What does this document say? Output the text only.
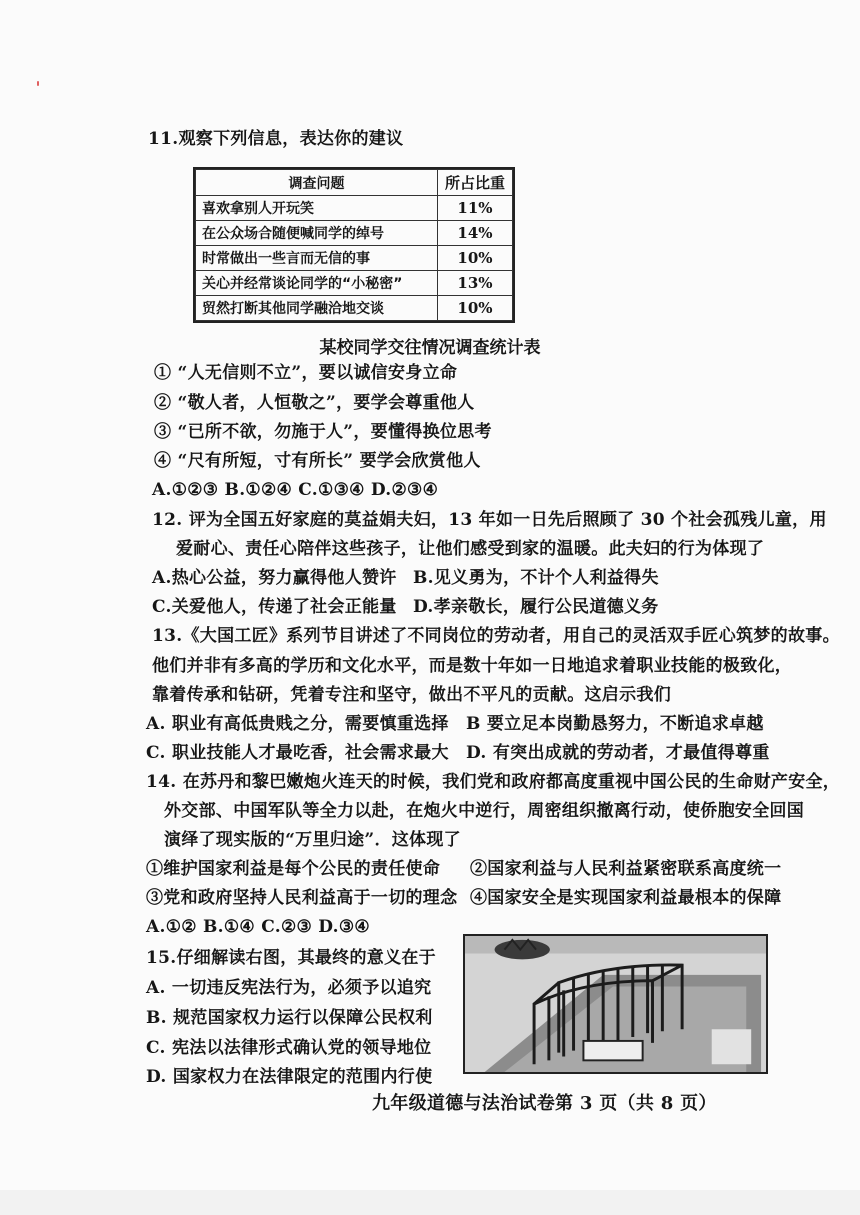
11.观察下列信息，表达你的建议
调查问题	所占比重
喜欢拿别人开玩笑	11%
在公众场合随便喊同学的绰号	14%
时常做出一些言而无信的事	10%
关心并经常谈论同学的“小秘密”	13%
贸然打断其他同学融洽地交谈	10%
某校同学交往情况调查统计表
① “人无信则不立”，要以诚信安身立命
② “敬人者，人恒敬之”，要学会尊重他人
③ “已所不欲，勿施于人”，要懂得换位思考
④ “尺有所短，寸有所长” 要学会欣赏他人
A.①②③ B.①②④ C.①③④ D.②③④
12. 评为全国五好家庭的莫益娟夫妇，13 年如一日先后照顾了 30 个社会孤残儿童，用
爱耐心、责任心陪伴这些孩子，让他们感受到家的温暖。此夫妇的行为体现了
A.热心公益，努力赢得他人赞许 B.见义勇为，不计个人利益得失
C.关爱他人，传递了社会正能量 D.孝亲敬长，履行公民道德义务
13.《大国工匠》系列节目讲述了不同岗位的劳动者，用自己的灵活双手匠心筑梦的故事。
他们并非有多高的学历和文化水平，而是数十年如一日地追求着职业技能的极致化，
靠着传承和钻研，凭着专注和坚守，做出不平凡的贡献。这启示我们
A. 职业有高低贵贱之分，需要慎重选择 B 要立足本岗勤恳努力，不断追求卓越
C. 职业技能人才最吃香，社会需求最大 D. 有突出成就的劳动者，才最值得尊重
14. 在苏丹和黎巴嫩炮火连天的时候，我们党和政府都高度重视中国公民的生命财产安全，
外交部、中国军队等全力以赴，在炮火中逆行，周密组织撤离行动，使侨胞安全回国
演绎了现实版的“万里归途”．这体现了
①维护国家利益是每个公民的责任使命 ②国家利益与人民利益紧密联系高度统一
③党和政府坚持人民利益高于一切的理念 ④国家安全是实现国家利益最根本的保障
A.①② B.①④ C.②③ D.③④
15.仔细解读右图，其最终的意义在于
A. 一切违反宪法行为，必须予以追究
B. 规范国家权力运行以保障公民权利
C. 宪法以法律形式确认党的领导地位
D. 国家权力在法律限定的范围内行使
九年级道德与法治试卷第 3 页（共 8 页）
